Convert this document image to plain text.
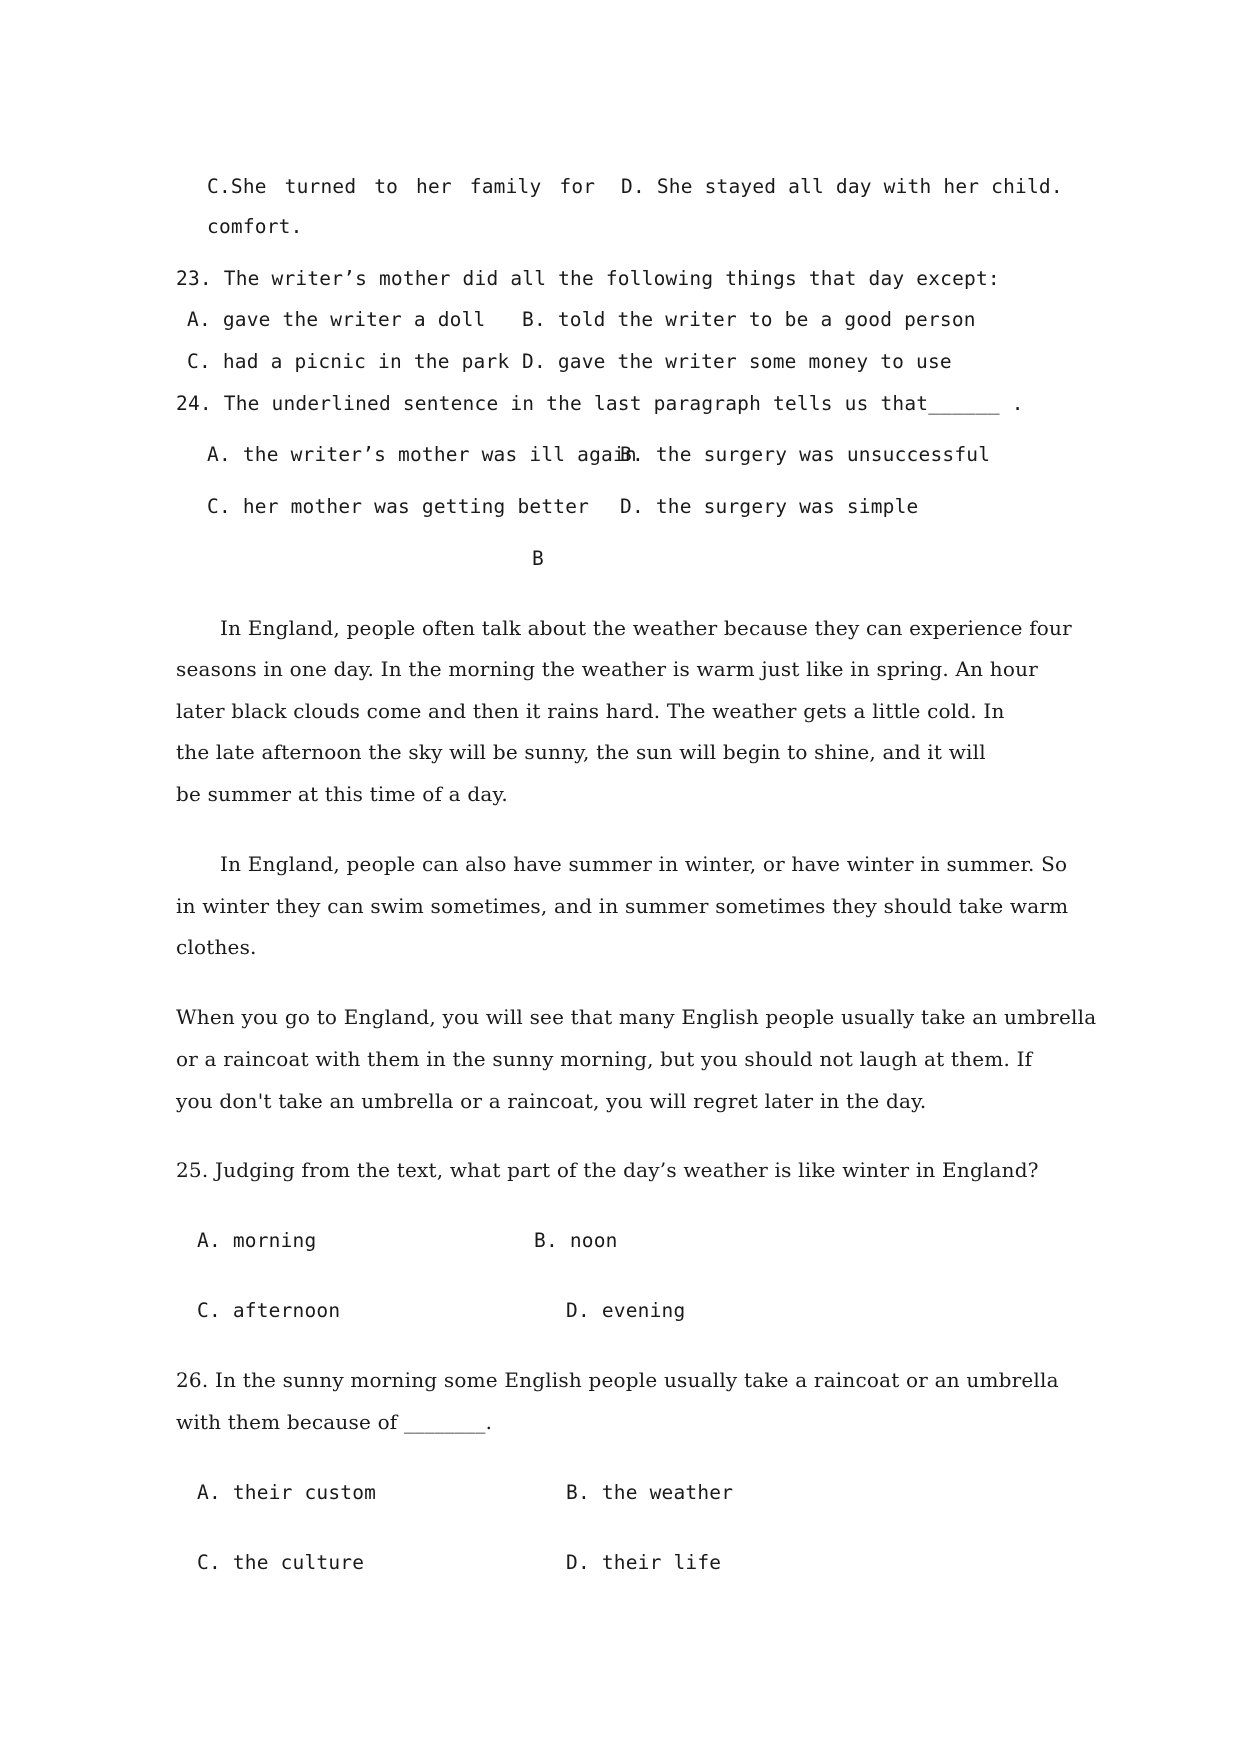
C.She turned to her family for
comfort.
D. She stayed all day with her child.
23. The writer’s mother did all the following things that day except:
A. gave the writer a doll B. told the writer to be a good person
C. had a picnic in the park D. gave the writer some money to use
24. The underlined sentence in the last paragraph tells us that______ .
A. the writer’s mother was ill again
B. the surgery was unsuccessful
C. her mother was getting better D. the surgery was simple
B
In England, people often talk about the weather because they can experience four
seasons in one day. In the morning the weather is warm just like in spring. An hour
later black clouds come and then it rains hard. The weather gets a little cold. In
the late afternoon the sky will be sunny, the sun will begin to shine, and it will
be summer at this time of a day.
In England, people can also have summer in winter, or have winter in summer. So
in winter they can swim sometimes, and in summer sometimes they should take warm
clothes.
When you go to England, you will see that many English people usually take an umbrella
or a raincoat with them in the sunny morning, but you should not laugh at them. If
you don't take an umbrella or a raincoat, you will regret later in the day.
25. Judging from the text, what part of the day’s weather is like winter in England?
A. morning	B. noon
C. afternoon	D. evening
26. In the sunny morning some English people usually take a raincoat or an umbrella
with them because of ________.
A. their custom	B. the weather
C. the culture	D. their life
